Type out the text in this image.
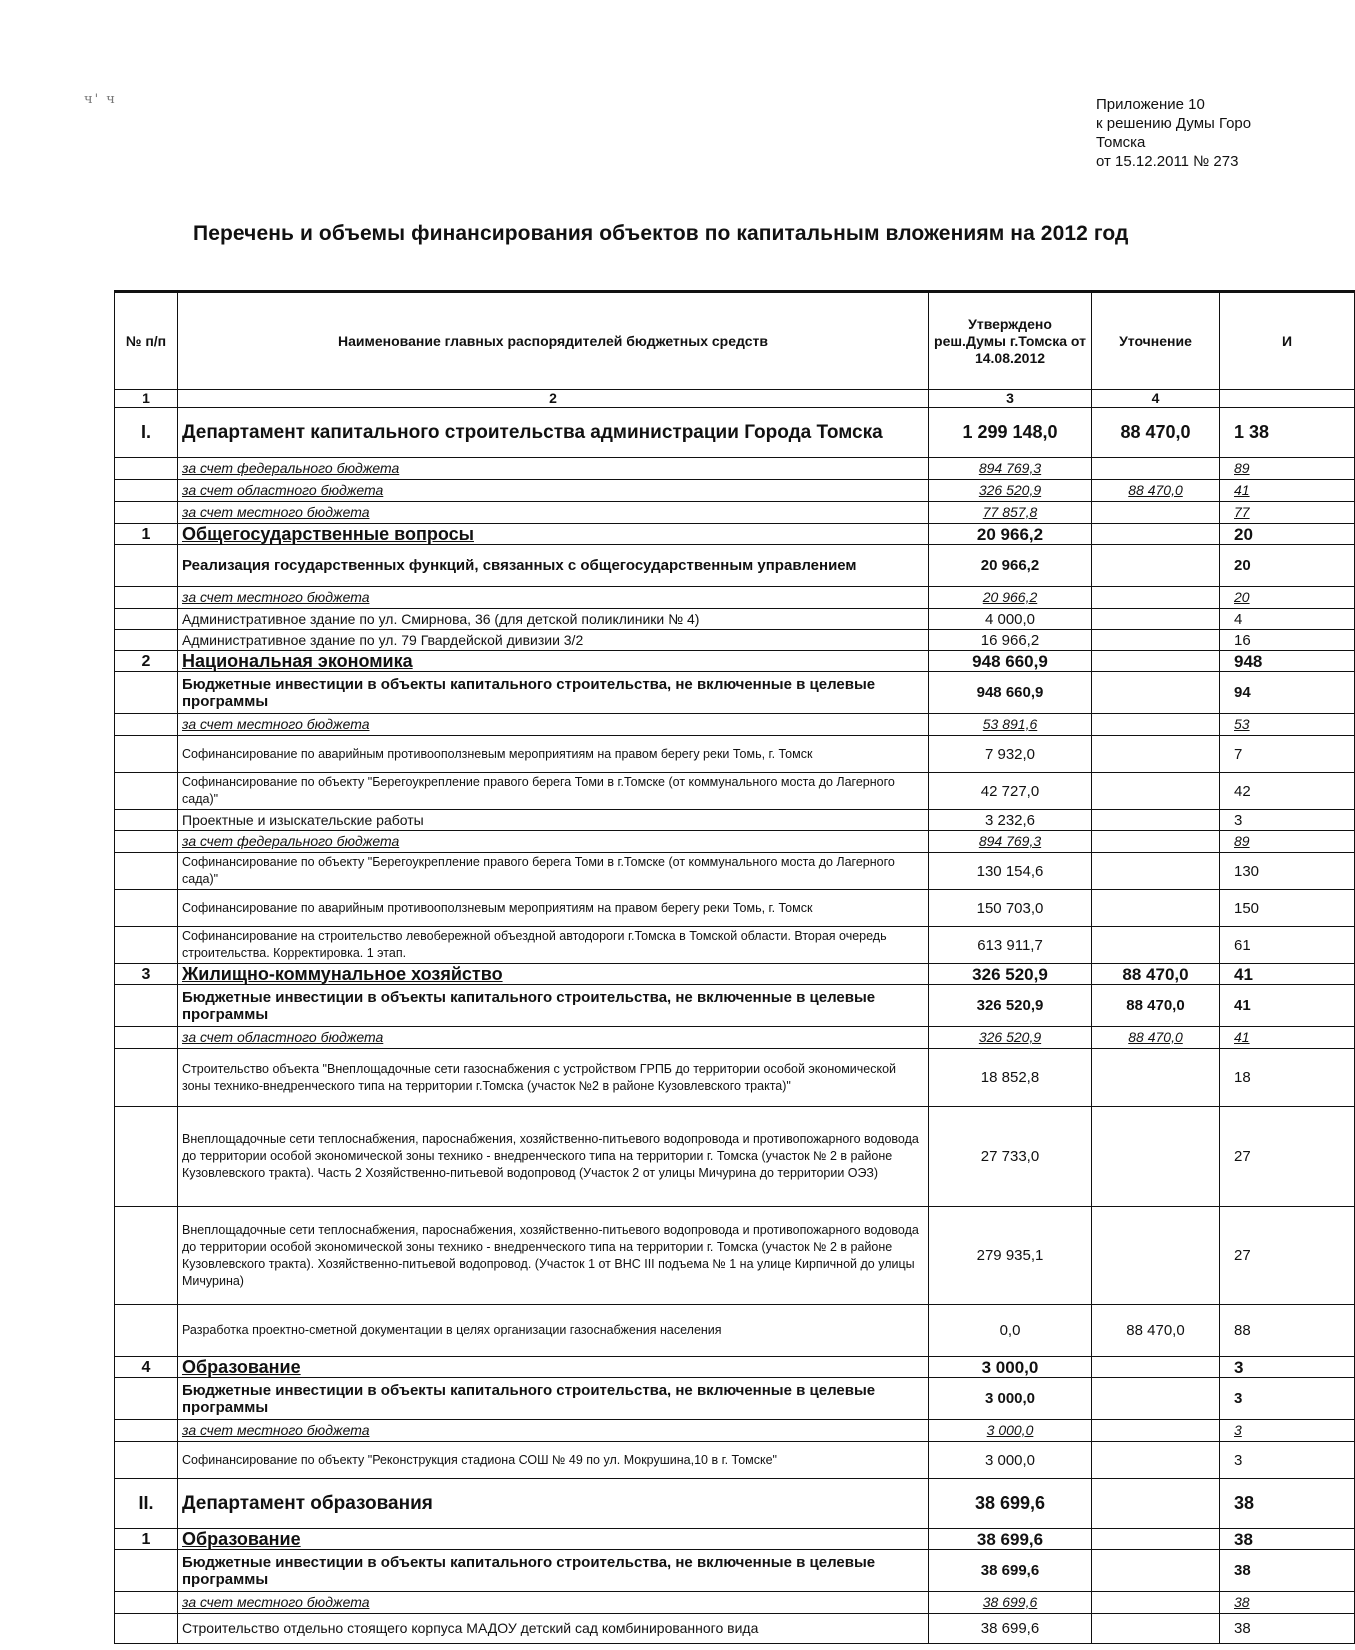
ч' ч	Приложение 10
к решению Думы Горо
Томска
от 15.12.2011 № 273
Перечень и объемы финансирования объектов по капитальным вложениям на 2012 год
№ п/п	Наименование главных распорядителей бюджетных средств	Утверждено реш.Думы г.Томска от 14.08.2012	Уточнение	И
1	2	3	4	
I.	Департамент капитального строительства администрации Города Томска	1 299 148,0	88 470,0	1 38
	за счет федерального бюджета	894 769,3		89
	за счет областного бюджета	326 520,9	88 470,0	41
	за счет местного бюджета	77 857,8		77
1	Общегосударственные вопросы	20 966,2		20
	Реализация государственных функций, связанных с общегосударственным управлением	20 966,2		20
	за счет местного бюджета	20 966,2		20
	Административное здание по ул. Смирнова, 36 (для детской поликлиники № 4)	4 000,0		4
	Административное здание по ул. 79 Гвардейской дивизии 3/2	16 966,2		16
2	Национальная экономика	948 660,9		948
	Бюджетные инвестиции в объекты капитального строительства, не включенные в целевые программы	948 660,9		94
	за счет местного бюджета	53 891,6		53
	Софинансирование по аварийным противооползневым мероприятиям на правом берегу реки Томь, г. Томск	7 932,0		7
	Софинансирование по объекту "Берегоукрепление правого берега Томи в г.Томске (от коммунального моста до Лагерного сада)"	42 727,0		42
	Проектные и изыскательские работы	3 232,6		3
	за счет федерального бюджета	894 769,3		89
	Софинансирование по объекту "Берегоукрепление правого берега Томи в г.Томске (от коммунального моста до Лагерного сада)"	130 154,6		130
	Софинансирование по аварийным противооползневым мероприятиям на правом берегу реки Томь, г. Томск	150 703,0		150
	Софинансирование на строительство левобережной объездной автодороги г.Томска в Томской области. Вторая очередь строительства. Корректировка. 1 этап.	613 911,7		61
3	Жилищно-коммунальное хозяйство	326 520,9	88 470,0	41
	Бюджетные инвестиции в объекты капитального строительства, не включенные в целевые программы	326 520,9	88 470,0	41
	за счет областного бюджета	326 520,9	88 470,0	41
	Строительство объекта "Внеплощадочные сети газоснабжения с устройством ГРПБ до территории особой экономической зоны технико-внедренческого типа на территории г.Томска (участок №2 в районе Кузовлевского тракта)"	18 852,8		18
	Внеплощадочные сети теплоснабжения, пароснабжения, хозяйственно-питьевого водопровода и противопожарного водовода до территории особой экономической зоны технико - внедренческого типа на территории г. Томска (участок № 2 в районе Кузовлевского тракта). Часть 2 Хозяйственно-питьевой водопровод (Участок 2 от улицы Мичурина до территории ОЭЗ)	27 733,0		27
	Внеплощадочные сети теплоснабжения, пароснабжения, хозяйственно-питьевого водопровода и противопожарного водовода до территории особой экономической зоны технико - внедренческого типа на территории г. Томска (участок № 2 в районе Кузовлевского тракта). Хозяйственно-питьевой водопровод. (Участок 1 от ВНС III подъема № 1 на улице Кирпичной до улицы Мичурина)	279 935,1		27
	Разработка проектно-сметной документации в целях организации газоснабжения населения	0,0	88 470,0	88
4	Образование	3 000,0		3
	Бюджетные инвестиции в объекты капитального строительства, не включенные в целевые программы	3 000,0		3
	за счет местного бюджета	3 000,0		3
	Софинансирование по объекту "Реконструкция стадиона СОШ № 49 по ул. Мокрушина,10 в г. Томске"	3 000,0		3
II.	Департамент образования	38 699,6		38
1	Образование	38 699,6		38
	Бюджетные инвестиции в объекты капитального строительства, не включенные в целевые программы	38 699,6		38
	за счет местного бюджета	38 699,6		38
	Строительство отдельно стоящего корпуса МАДОУ детский сад комбинированного вида	38 699,6		38
